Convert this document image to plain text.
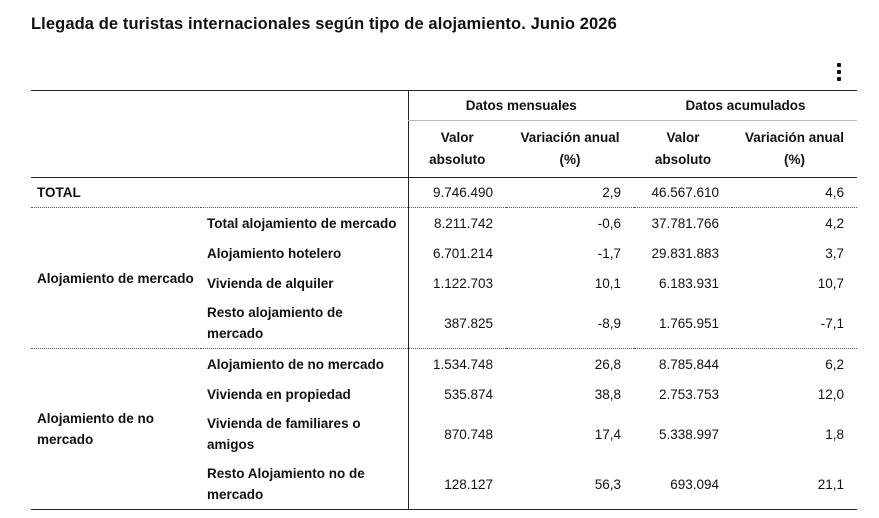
Llegada de turistas internacionales según tipo de alojamiento. Junio 2026
		Datos mensuales		Datos acumulados	
		Valor absoluto	Variación anual (%)	Valor absoluto	Variación anual (%)
TOTAL		9.746.490	2,9	46.567.610	4,6
Alojamiento de mercado	Total alojamiento de mercado	8.211.742	-0,6	37.781.766	4,2
	Alojamiento hotelero	6.701.214	-1,7	29.831.883	3,7
	Vivienda de alquiler	1.122.703	10,1	6.183.931	10,7
	Resto alojamiento de mercado	387.825	-8,9	1.765.951	-7,1
Alojamiento de no mercado	Alojamiento de no mercado	1.534.748	26,8	8.785.844	6,2
	Vivienda en propiedad	535.874	38,8	2.753.753	12,0
	Vivienda de familiares o amigos	870.748	17,4	5.338.997	1,8
	Resto Alojamiento no de mercado	128.127	56,3	693.094	21,1
